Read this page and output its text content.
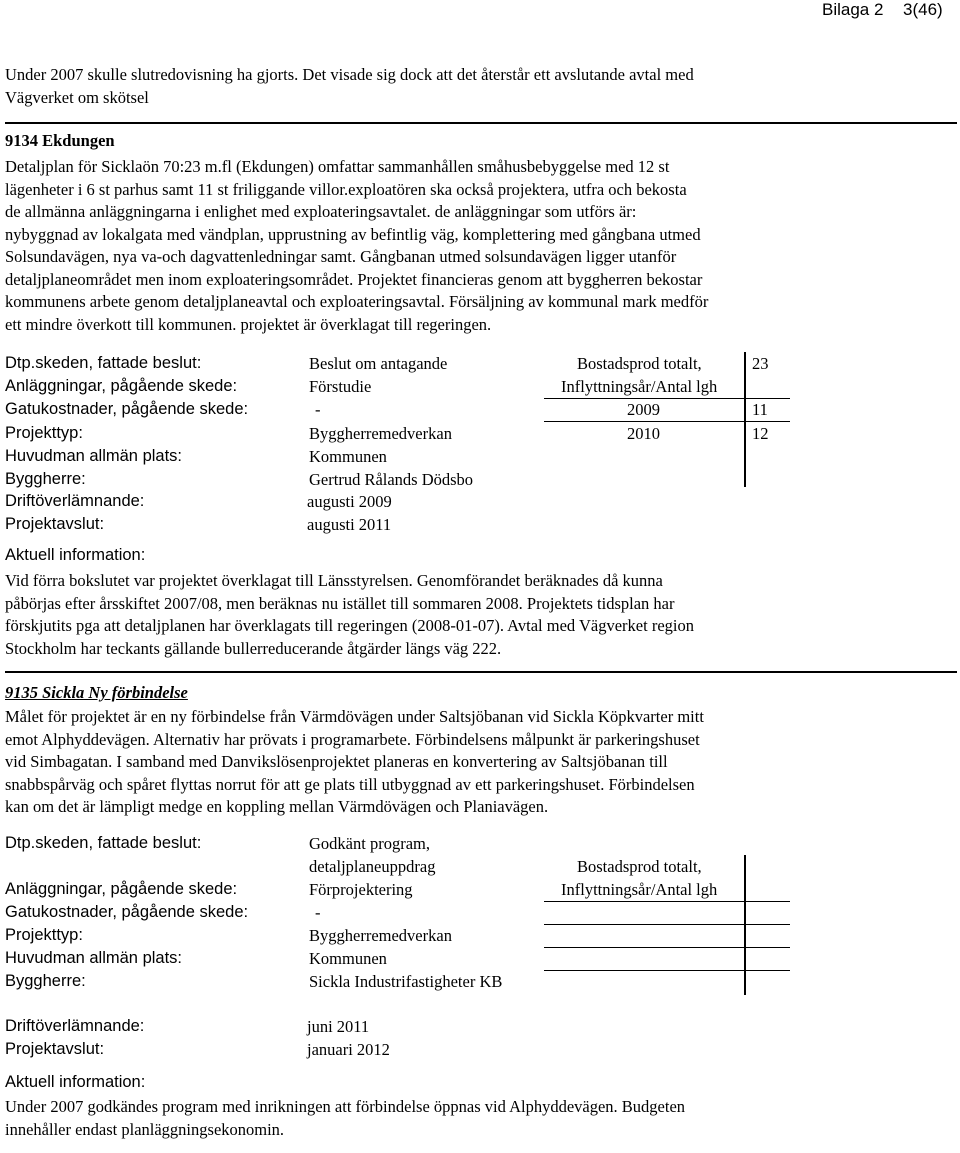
Bilaga 2 3(46)
Under 2007 skulle slutredovisning ha gjorts. Det visade sig dock att det återstår ett avslutande avtal med
Vägverket om skötsel
9134 Ekdungen
Detaljplan för Sicklaön 70:23 m.fl (Ekdungen) omfattar sammanhållen småhusbebyggelse med 12 st
lägenheter i 6 st parhus samt 11 st friliggande villor.exploatören ska också projektera, utfra och bekosta
de allmänna anläggningarna i enlighet med exploateringsavtalet. de anläggningar som utförs är:
nybyggnad av lokalgata med vändplan, upprustning av befintlig väg, komplettering med gångbana utmed
Solsundavägen, nya va-och dagvattenledningar samt. Gångbanan utmed solsundavägen ligger utanför
detaljplaneområdet men inom exploateringsområdet. Projektet financieras genom att byggherren bekostar
kommunens arbete genom detaljplaneavtal och exploateringsavtal. Försäljning av kommunal mark medför
ett mindre överkott till kommunen. projektet är överklagat till regeringen.
Dtp.skeden, fattade beslut:	Beslut om antagande
Anläggningar, pågående skede:	Förstudie
Gatukostnader, pågående skede:	-
Projekttyp:	Byggherremedverkan
Huvudman allmän plats:	Kommunen
Byggherre:	Gertrud Rålands Dödsbo
Driftöverlämnande:	augusti 2009
Projektavslut:	augusti 2011
Bostadsprod totalt,	23
Inflyttningsår/Antal lgh
2009	11
2010	12
Aktuell information:
Vid förra bokslutet var projektet överklagat till Länsstyrelsen. Genomförandet beräknades då kunna
påbörjas efter årsskiftet 2007/08, men beräknas nu istället till sommaren 2008. Projektets tidsplan har
förskjutits pga att detaljplanen har överklagats till regeringen (2008-01-07). Avtal med Vägverket region
Stockholm har teckants gällande bullerreducerande åtgärder längs väg 222.
9135 Sickla Ny förbindelse
Målet för projektet är en ny förbindelse från Värmdövägen under Saltsjöbanan vid Sickla Köpkvarter mitt
emot Alphyddevägen. Alternativ har prövats i programarbete. Förbindelsens målpunkt är parkeringshuset
vid Simbagatan. I samband med Danvikslösenprojektet planeras en konvertering av Saltsjöbanan till
snabbspårväg och spåret flyttas norrut för att ge plats till utbyggnad av ett parkeringshuset. Förbindelsen
kan om det är lämpligt medge en koppling mellan Värmdövägen och Planiavägen.
Dtp.skeden, fattade beslut:	Godkänt program,
detaljplaneuppdrag
Anläggningar, pågående skede:	Förprojektering
Gatukostnader, pågående skede:	-
Projekttyp:	Byggherremedverkan
Huvudman allmän plats:	Kommunen
Byggherre:	Sickla Industrifastigheter KB
Driftöverlämnande:	juni 2011
Projektavslut:	januari 2012
Bostadsprod totalt,
Inflyttningsår/Antal lgh
Aktuell information:
Under 2007 godkändes program med inrikningen att förbindelse öppnas vid Alphyddevägen. Budgeten
innehåller endast planläggningsekonomin.
